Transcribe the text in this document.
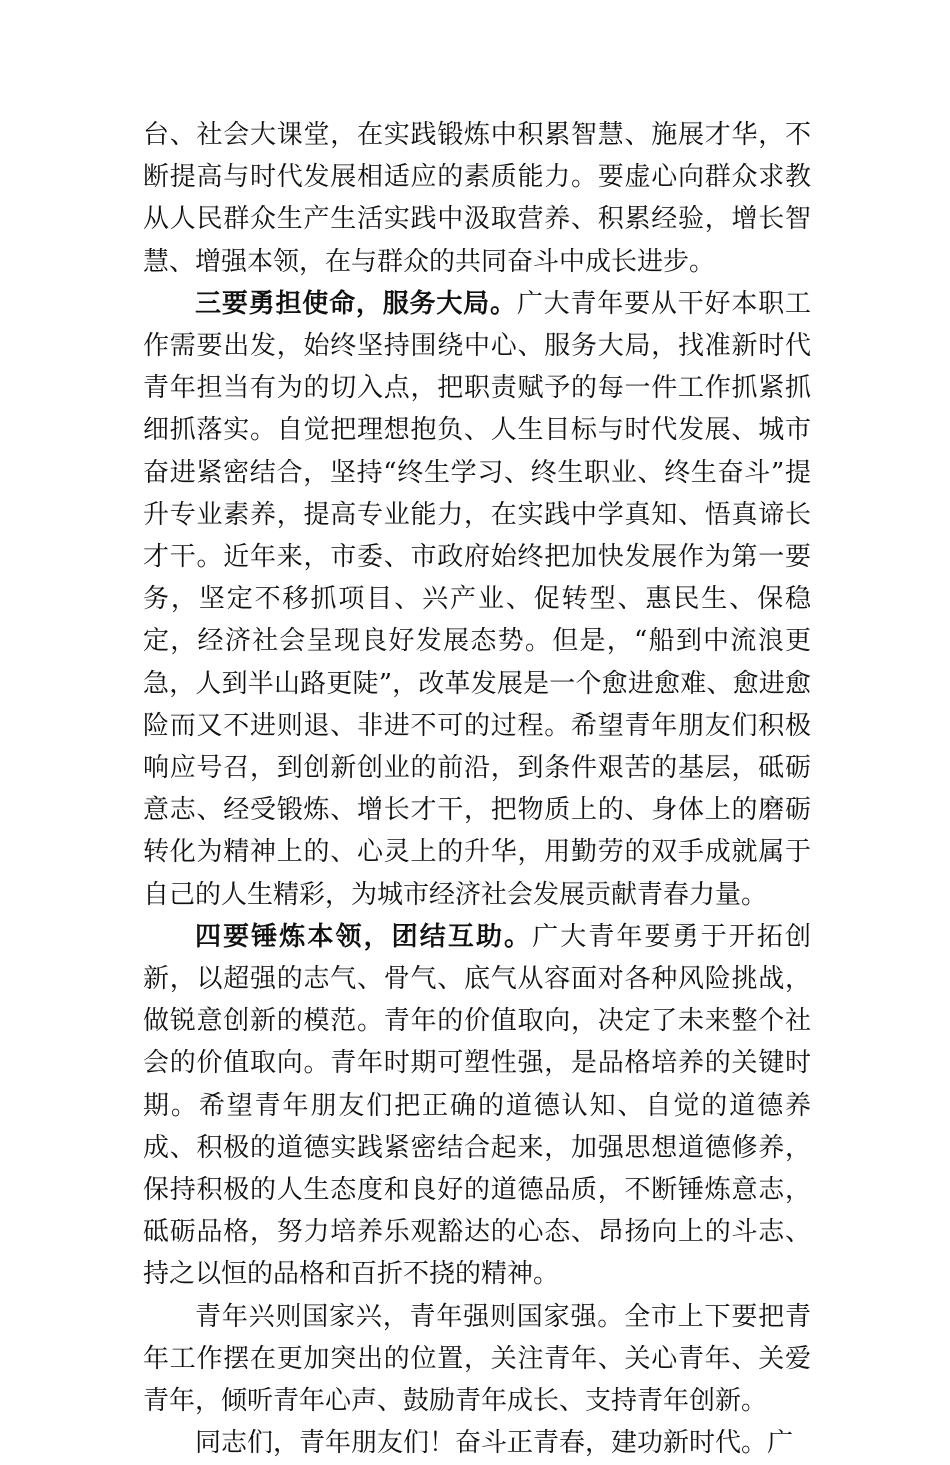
台、社会大课堂，在实践锻炼中积累智慧、施展才华，不断提高与时代发展相适应的素质能力。要虚心向群众求教从人民群众生产生活实践中汲取营养、积累经验，增长智慧、增强本领，在与群众的共同奋斗中成长进步。

三要勇担使命，服务大局。广大青年要从干好本职工作需要出发，始终坚持围绕中心、服务大局，找准新时代青年担当有为的切入点，把职责赋予的每一件工作抓紧抓细抓落实。自觉把理想抱负、人生目标与时代发展、城市奋进紧密结合，坚持“终生学习、终生职业、终生奋斗”提升专业素养，提高专业能力，在实践中学真知、悟真谛长才干。近年来，市委、市政府始终把加快发展作为第一要务，坚定不移抓项目、兴产业、促转型、惠民生、保稳定，经济社会呈现良好发展态势。但是，“船到中流浪更急，人到半山路更陡”，改革发展是一个愈进愈难、愈进愈险而又不进则退、非进不可的过程。希望青年朋友们积极响应号召，到创新创业的前沿，到条件艰苦的基层，砥砺意志、经受锻炼、增长才干，把物质上的、身体上的磨砺转化为精神上的、心灵上的升华，用勤劳的双手成就属于自己的人生精彩，为城市经济社会发展贡献青春力量。

四要锤炼本领，团结互助。广大青年要勇于开拓创新，以超强的志气、骨气、底气从容面对各种风险挑战，做锐意创新的模范。青年的价值取向，决定了未来整个社会的价值取向。青年时期可塑性强，是品格培养的关键时期。希望青年朋友们把正确的道德认知、自觉的道德养成、积极的道德实践紧密结合起来，加强思想道德修养，保持积极的人生态度和良好的道德品质，不断锤炼意志，砥砺品格，努力培养乐观豁达的心态、昂扬向上的斗志、持之以恒的品格和百折不挠的精神。

青年兴则国家兴，青年强则国家强。全市上下要把青年工作摆在更加突出的位置，关注青年、关心青年、关爱青年，倾听青年心声、鼓励青年成长、支持青年创新。

同志们，青年朋友们！奋斗正青春，建功新时代。广
